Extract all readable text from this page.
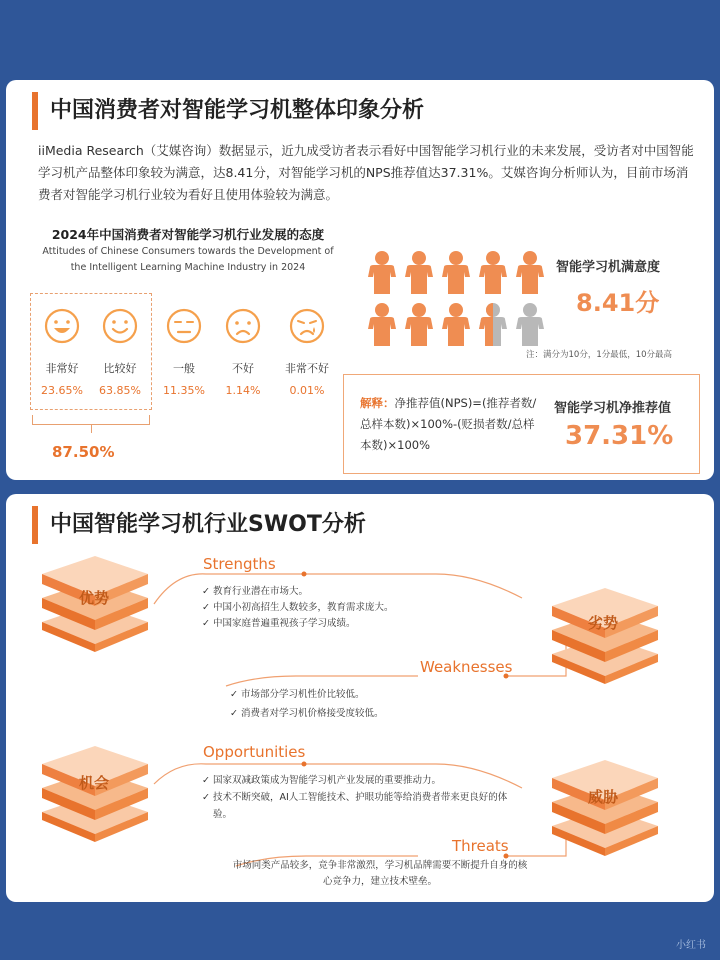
中国消费者对智能学习机整体印象分析
iiMedia Research（艾媒咨询）数据显示，近九成受访者表示看好中国智能学习机行业的未来发展，受访者对中国智能学习机产品整体印象较为满意，达8.41分，对智能学习机的NPS推荐值达37.31%。艾媒咨询分析师认为，目前市场消费者对智能学习机行业较为看好且使用体验较为满意。
2024年中国消费者对智能学习机行业发展的态度
Attitudes of Chinese Consumers towards the Development of
the Intelligent Learning Machine Industry in 2024
非常好
23.65%
比较好
63.85%
一般
11.35%
不好
1.14%
非常不好
0.01%
87.50%
智能学习机满意度
8.41分
注：满分为10分，1分最低，10分最高
解释：净推荐值(NPS)=(推荐者数/总样本数)×100%-(贬损者数/总样本数)×100%
智能学习机净推荐值
37.31%
中国智能学习机行业SWOT分析
优势
劣势
机会
威胁
Strengths
Weaknesses
Opportunities
Threats
✓ 教育行业潜在市场大。
✓ 中国小初高招生人数较多，教育需求庞大。
✓ 中国家庭普遍重视孩子学习成绩。
✓ 市场部分学习机性价比较低。
✓ 消费者对学习机价格接受度较低。
✓ 国家双减政策成为智能学习机产业发展的重要推动力。
✓ 技术不断突破，AI人工智能技术、护眼功能等给消费者带来更良好的体验。
市场同类产品较多，竞争非常激烈，学习机品牌需要不断提升自身的核心竞争力，建立技术壁垒。
小红书
